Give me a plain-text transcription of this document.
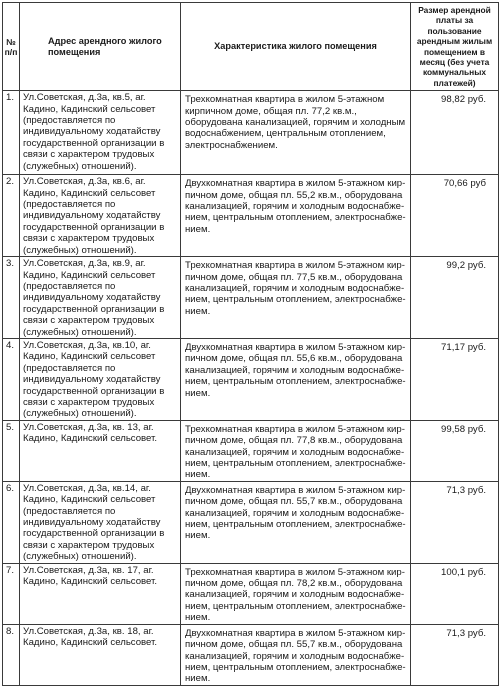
№ п/п	Адрес арендного жилого помещения	Характеристика жилого помещения	Размер арендной платы за пользование арендным жилым помещением в месяц (без учета коммунальных платежей)
1.	Ул.Советская, д.3а, кв.5, аг. Кадино, Кадинский сельсовет (предоставляется по индивидуальному ходатайству государственной организации в связи с характером трудовых (служебных) отношений).	Трехкомнатная квартира в жилом 5-этажном кирпичном доме, общая пл. 77,2 кв.м., оборудована канализацией, горячим и холодным водоснабжением, центральным отоплением, электроснабжением.	98,82 руб.
2.	Ул.Советская, д.3а, кв.6, аг. Кадино, Кадинский сельсовет (предоставляется по индивидуальному ходатайству государственной организации в связи с характером трудовых (служебных) отношений).	Двухкомнатная квартира в жилом 5-этажном кирпичном доме, общая пл. 55,2 кв.м., оборудована канализацией, горячим и холодным водоснабжением, центральным отоплением, электроснабжением.	70,66 руб
3.	Ул.Советская, д.3а, кв.9, аг. Кадино, Кадинский сельсовет (предоставляется по индивидуальному ходатайству государственной организации в связи с характером трудовых (служебных) отношений).	Трехкомнатная квартира в жилом 5-этажном кирпичном доме, общая пл. 77,5 кв.м., оборудована канализацией, горячим и холодным водоснабжением, центральным отоплением, электроснабжением.	99,2 руб.
4.	Ул.Советская, д.3а, кв.10, аг. Кадино, Кадинский сельсовет (предоставляется по индивидуальному ходатайству государственной организации в связи с характером трудовых (служебных) отношений).	Двухкомнатная квартира в жилом 5-этажном кирпичном доме, общая пл. 55,6 кв.м., оборудована канализацией, горячим и холодным водоснабжением, центральным отоплением, электроснабжением.	71,17 руб.
5.	Ул.Советская, д.3а, кв. 13, аг. Кадино, Кадинский сельсовет.	Трехкомнатная квартира в жилом 5-этажном кирпичном доме, общая пл. 77,8 кв.м., оборудована канализацией, горячим и холодным водоснабжением, центральным отоплением, электроснабжением.	99,58 руб.
6.	Ул.Советская, д.3а, кв.14, аг. Кадино, Кадинский сельсовет (предоставляется по индивидуальному ходатайству государственной организации в связи с характером трудовых (служебных) отношений).	Двухкомнатная квартира в жилом 5-этажном кирпичном доме, общая пл. 55,7 кв.м., оборудована канализацией, горячим и холодным водоснабжением, центральным отоплением, электроснабжением.	71,3 руб.
7.	Ул.Советская, д.3а, кв. 17, аг. Кадино, Кадинский сельсовет.	Трехкомнатная квартира в жилом 5-этажном кирпичном доме, общая пл. 78,2 кв.м., оборудована канализацией, горячим и холодным водоснабжением, центральным отоплением, электроснабжением.	100,1 руб.
8.	Ул.Советская, д.3а, кв. 18, аг. Кадино, Кадинский сельсовет.	Двухкомнатная квартира в жилом 5-этажном кирпичном доме, общая пл. 55,7 кв.м., оборудована канализацией, горячим и холодным водоснабжением, центральным отоплением, электроснабжением.	71,3 руб.
